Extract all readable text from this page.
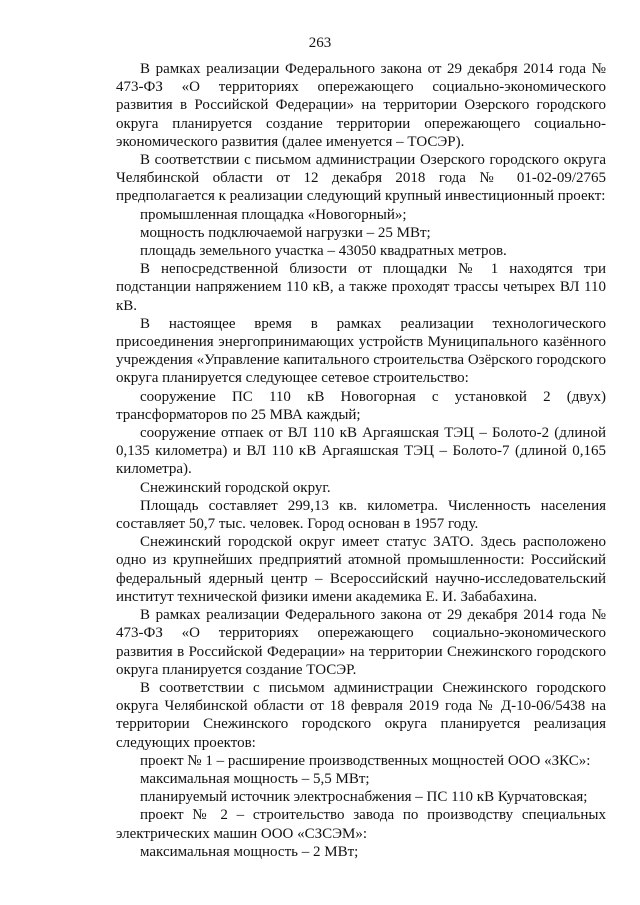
263

В рамках реализации Федерального закона от 29 декабря 2014 года № 473-ФЗ «О территориях опережающего социально-экономического развития в Российской Федерации» на территории Озерского городского округа планируется создание территории опережающего социально-экономического развития (далее именуется – ТОСЭР).

В соответствии с письмом администрации Озерского городского округа Челябинской области от 12 декабря 2018 года № 01-02-09/2765 предполагается к реализации следующий крупный инвестиционный проект:

промышленная площадка «Новогорный»;

мощность подключаемой нагрузки – 25 МВт;

площадь земельного участка – 43050 квадратных метров.

В непосредственной близости от площадки № 1 находятся три подстанции напряжением 110 кВ, а также проходят трассы четырех ВЛ 110 кВ.

В настоящее время в рамках реализации технологического присоединения энергопринимающих устройств Муниципального казённого учреждения «Управление капитального строительства Озёрского городского округа планируется следующее сетевое строительство:

сооружение ПС 110 кВ Новогорная с установкой 2 (двух) трансформаторов по 25 МВА каждый;

сооружение отпаек от ВЛ 110 кВ Аргаяшская ТЭЦ – Болото-2 (длиной 0,135 километра) и ВЛ 110 кВ Аргаяшская ТЭЦ – Болото-7 (длиной 0,165 километра).

Снежинский городской округ.

Площадь составляет 299,13 кв. километра. Численность населения составляет 50,7 тыс. человек. Город основан в 1957 году.

Снежинский городской округ имеет статус ЗАТО. Здесь расположено одно из крупнейших предприятий атомной промышленности: Российский федеральный ядерный центр – Всероссийский научно-исследовательский институт технической физики имени академика Е. И. Забабахина.

В рамках реализации Федерального закона от 29 декабря 2014 года № 473-ФЗ «О территориях опережающего социально-экономического развития в Российской Федерации» на территории Снежинского городского округа планируется создание ТОСЭР.

В соответствии с письмом администрации Снежинского городского округа Челябинской области от 18 февраля 2019 года № Д-10-06/5438 на территории Снежинского городского округа планируется реализация следующих проектов:

проект № 1 – расширение производственных мощностей ООО «ЗКС»:

максимальная мощность – 5,5 МВт;

планируемый источник электроснабжения – ПС 110 кВ Курчатовская;

проект № 2 – строительство завода по производству специальных электрических машин ООО «СЗСЭМ»:

максимальная мощность – 2 МВт;
